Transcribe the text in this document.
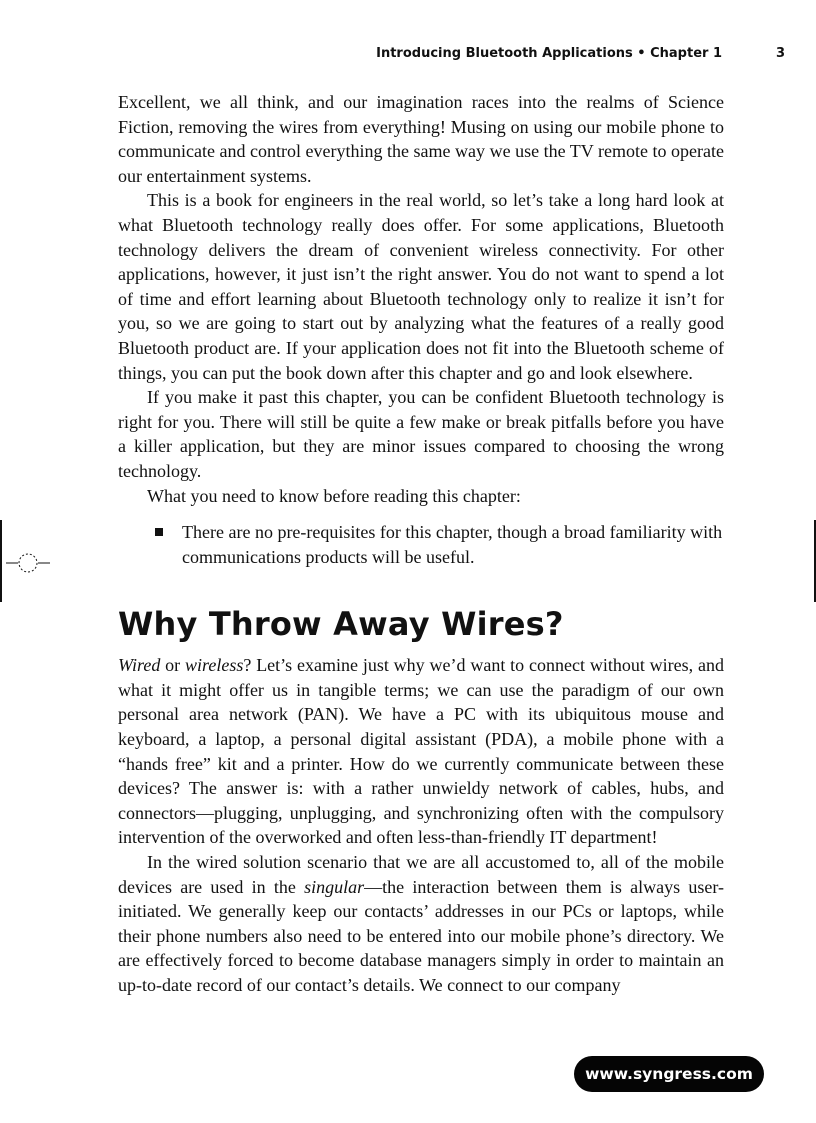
Introducing Bluetooth Applications • Chapter 1	3

Excellent, we all think, and our imagination races into the realms of Science Fiction, removing the wires from everything! Musing on using our mobile phone to communicate and control everything the same way we use the TV remote to operate our entertainment systems.

This is a book for engineers in the real world, so let’s take a long hard look at what Bluetooth technology really does offer. For some applications, Bluetooth technology delivers the dream of convenient wireless connectivity. For other applications, however, it just isn’t the right answer. You do not want to spend a lot of time and effort learning about Bluetooth technology only to realize it isn’t for you, so we are going to start out by analyzing what the features of a really good Bluetooth product are. If your application does not fit into the Bluetooth scheme of things, you can put the book down after this chapter and go and look elsewhere.

If you make it past this chapter, you can be confident Bluetooth technology is right for you. There will still be quite a few make or break pitfalls before you have a killer application, but they are minor issues compared to choosing the wrong technology.

What you need to know before reading this chapter:

There are no pre-requisites for this chapter, though a broad familiarity with communications products will be useful.
Why Throw Away Wires?

Wired or wireless? Let’s examine just why we’d want to connect without wires, and what it might offer us in tangible terms; we can use the paradigm of our own personal area network (PAN). We have a PC with its ubiquitous mouse and keyboard, a laptop, a personal digital assistant (PDA), a mobile phone with a “hands free” kit and a printer. How do we currently communicate between these devices? The answer is: with a rather unwieldy network of cables, hubs, and connectors—plugging, unplugging, and synchronizing often with the compulsory intervention of the overworked and often less-than-friendly IT department!

In the wired solution scenario that we are all accustomed to, all of the mobile devices are used in the singular—the interaction between them is always user-initiated. We generally keep our contacts’ addresses in our PCs or laptops, while their phone numbers also need to be entered into our mobile phone’s directory. We are effectively forced to become database managers simply in order to maintain an up-to-date record of our contact’s details. We connect to our company

www.syngress.com
